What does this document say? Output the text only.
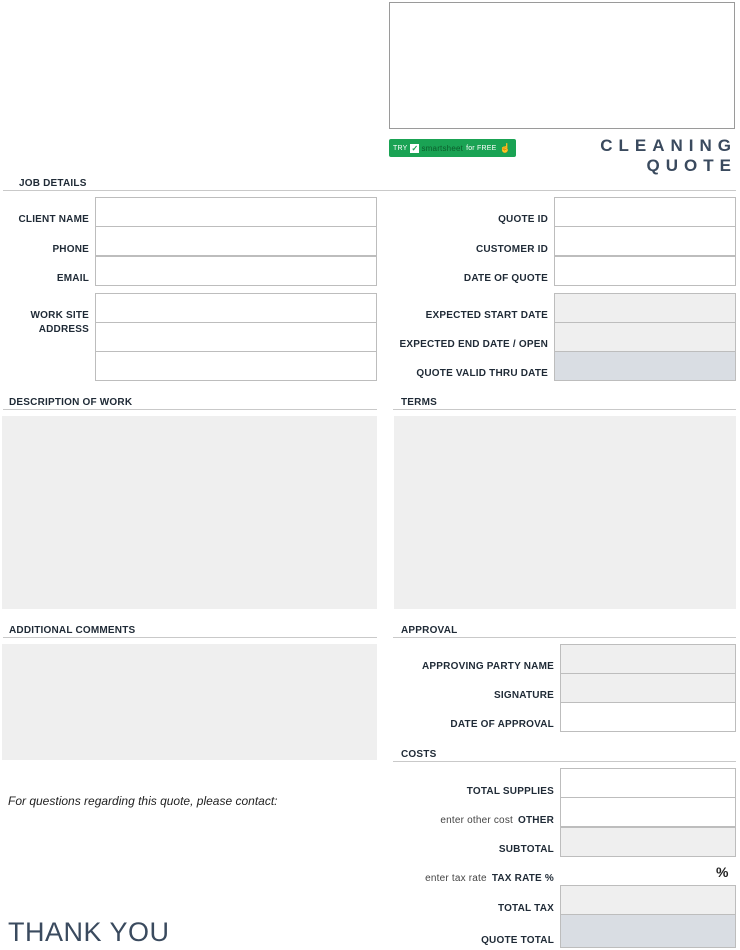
TRY ✓ smartsheet for FREE ☝	CLEANING QUOTE
JOB DETAILS
CLIENT NAME
PHONE
EMAIL
WORK SITE
ADDRESS
QUOTE ID
CUSTOMER ID
DATE OF QUOTE
EXPECTED START DATE
EXPECTED END DATE / OPEN
QUOTE VALID THRU DATE
DESCRIPTION OF WORK	TERMS
ADDITIONAL COMMENTS	APPROVAL
APPROVING PARTY NAME
SIGNATURE
DATE OF APPROVAL
COSTS
TOTAL SUPPLIES
enter other cost OTHER
SUBTOTAL
enter tax rate TAX RATE %	%
TOTAL TAX
QUOTE TOTAL
For questions regarding this quote, please contact:
THANK YOU
